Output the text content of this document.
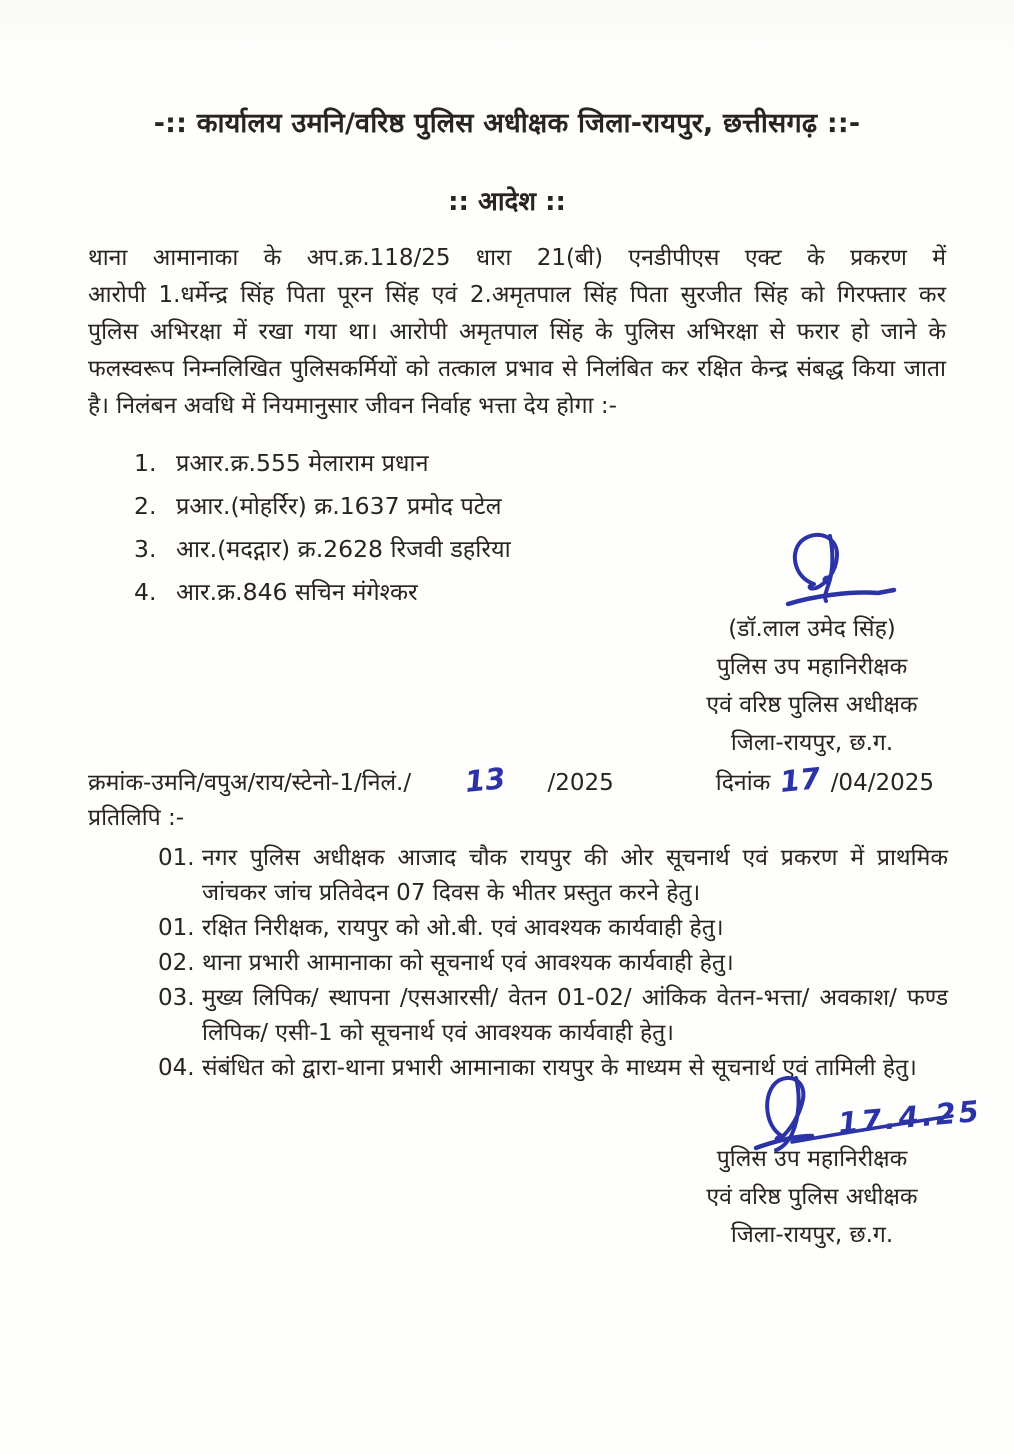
-:: कार्यालय उमनि/वरिष्ठ पुलिस अधीक्षक जिला-रायपुर, छत्तीसगढ़ ::-
:: आदेश ::
थाना आमानाका के अप.क्र.118/25 धारा 21(बी) एनडीपीएस एक्ट के प्रकरण में
आरोपी 1.धर्मेन्द्र सिंह पिता पूरन सिंह एवं 2.अमृतपाल सिंह पिता सुरजीत सिंह को गिरफ्तार कर
पुलिस अभिरक्षा में रखा गया था। आरोपी अमृतपाल सिंह के पुलिस अभिरक्षा से फरार हो जाने के
फलस्वरूप निम्नलिखित पुलिसकर्मियों को तत्काल प्रभाव से निलंबित कर रक्षित केन्द्र संबद्ध किया जाता
है। निलंबन अवधि में नियमानुसार जीवन निर्वाह भत्ता देय होगा :-
1. प्रआर.क्र.555 मेलाराम प्रधान
2. प्रआर.(मोहर्रिर) क्र.1637 प्रमोद पटेल
3. आर.(मदद्गार) क्र.2628 रिजवी डहरिया
4. आर.क्र.846 सचिन मंगेश्कर
(डॉ.लाल उमेद सिंह)
पुलिस उप महानिरीक्षक
एवं वरिष्ठ पुलिस अधीक्षक
जिला-रायपुर, छ.ग.
क्रमांक-उमनि/वपुअ/राय/स्टेनो-1/निलं./ 13 /2025	दिनांक 17 /04/2025
प्रतिलिपि :-
01. नगर पुलिस अधीक्षक आजाद चौक रायपुर की ओर सूचनार्थ एवं प्रकरण में प्राथमिक जांचकर जांच प्रतिवेदन 07 दिवस के भीतर प्रस्तुत करने हेतु।
01. रक्षित निरीक्षक, रायपुर को ओ.बी. एवं आवश्यक कार्यवाही हेतु।
02. थाना प्रभारी आमानाका को सूचनार्थ एवं आवश्यक कार्यवाही हेतु।
03. मुख्य लिपिक/ स्थापना /एसआरसी/ वेतन 01-02/ आंकिक वेतन-भत्ता/ अवकाश/ फण्ड लिपिक/ एसी-1 को सूचनार्थ एवं आवश्यक कार्यवाही हेतु।
04. संबंधित को द्वारा-थाना प्रभारी आमानाका रायपुर के माध्यम से सूचनार्थ एवं तामिली हेतु।
17.4.25
पुलिस उप महानिरीक्षक
एवं वरिष्ठ पुलिस अधीक्षक
जिला-रायपुर, छ.ग.
